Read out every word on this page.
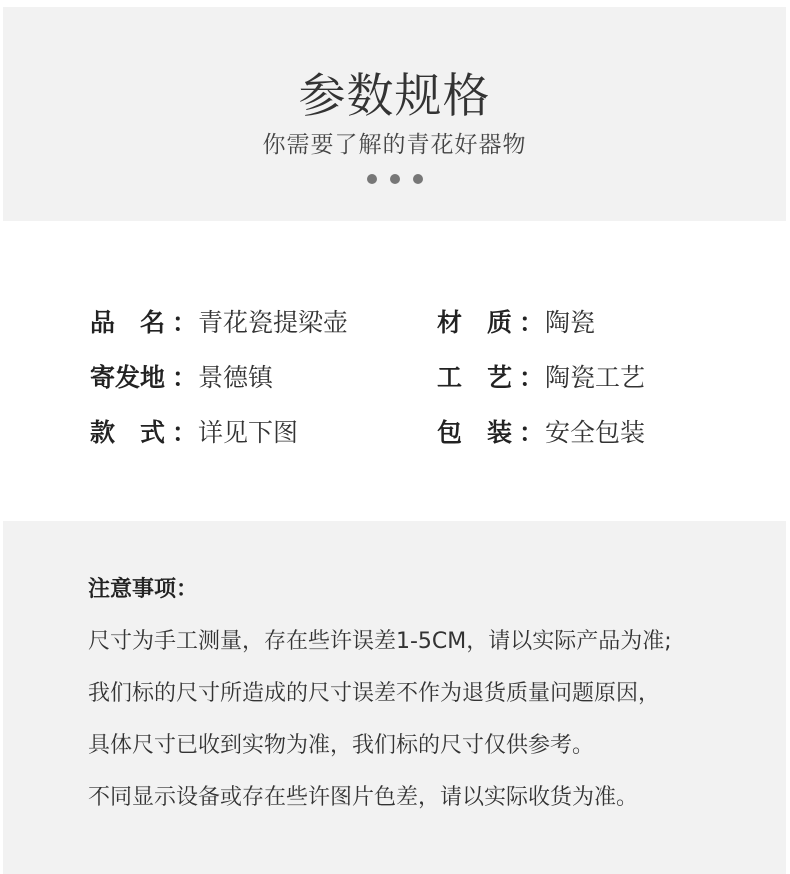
参数规格
你需要了解的青花好器物
品　名 ： 青花瓷提梁壶
寄发地 ： 景德镇
款　式 ： 详见下图
材　质 ： 陶瓷
工　艺 ： 陶瓷工艺
包　装 ： 安全包装
注意事项：
尺寸为手工测量，存在些许误差1-5CM，请以实际产品为准;
我们标的尺寸所造成的尺寸误差不作为退货质量问题原因，
具体尺寸已收到实物为准，我们标的尺寸仅供参考。
不同显示设备或存在些许图片色差，请以实际收货为准。
